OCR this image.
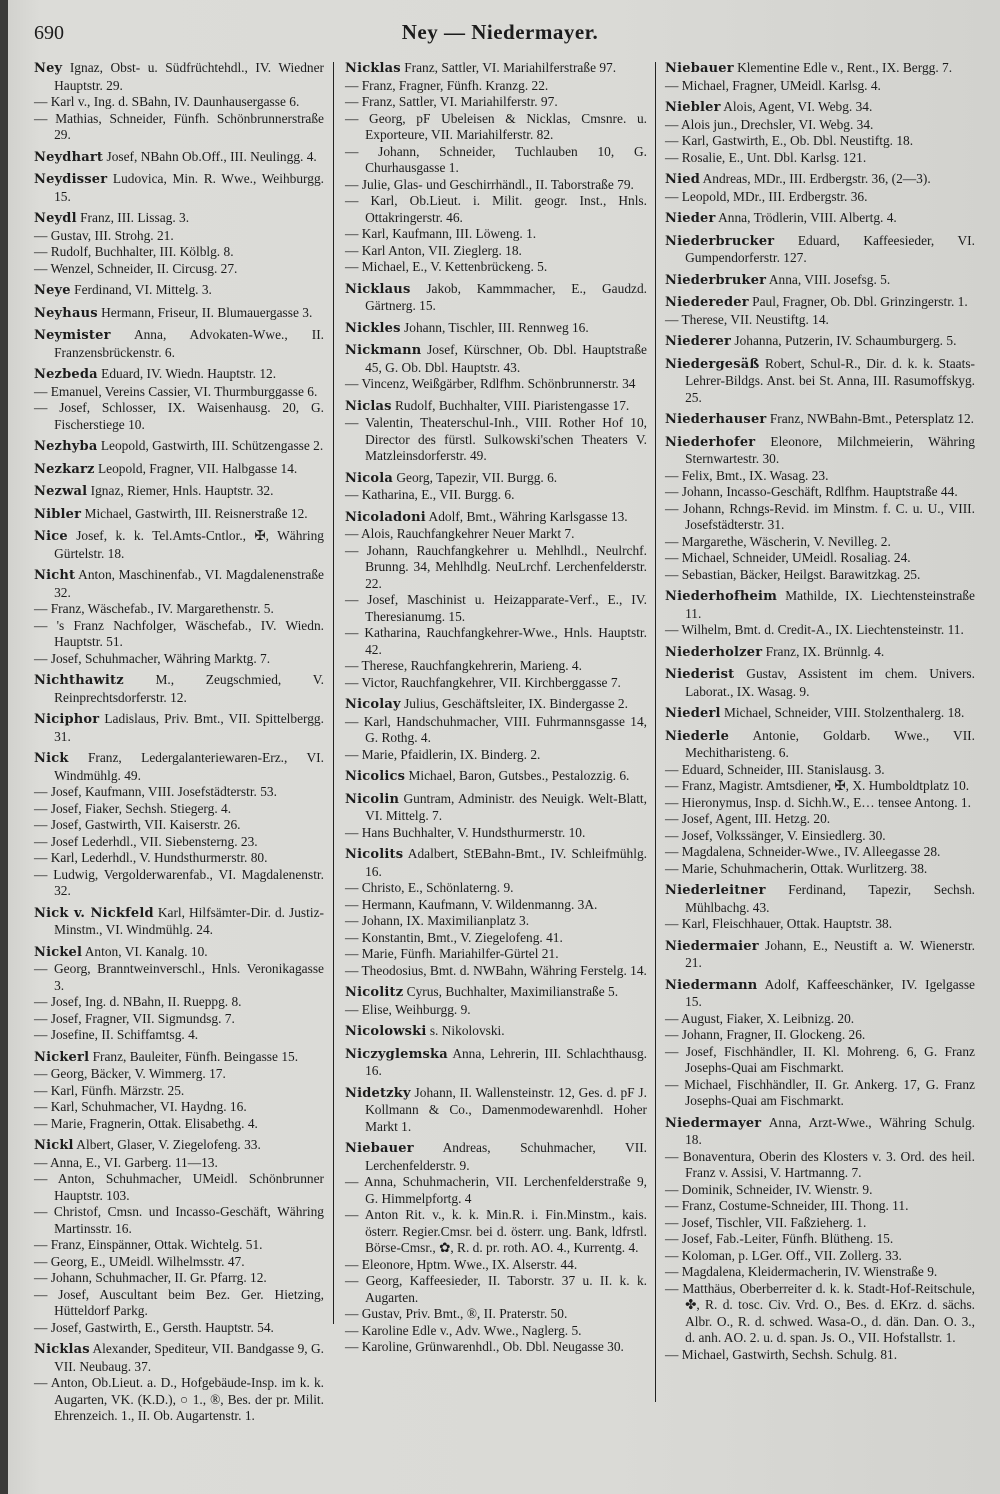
690	Ney — Niedermayer.

Ney Ignaz, Obst- u. Südfrüchtehdl., IV. Wiedner Hauptstr. 29.

— Karl v., Ing. d. SBahn, IV. Daunhausergasse 6.

— Mathias, Schneider, Fünfh. Schönbrunnerstraße 29.

Neydhart Josef, NBahn Ob.Off., III. Neulingg. 4.

Neydisser Ludovica, Min. R. Wwe., Weihburgg. 15.

Neydl Franz, III. Lissag. 3.

— Gustav, III. Strohg. 21.

— Rudolf, Buchhalter, III. Kölblg. 8.

— Wenzel, Schneider, II. Circusg. 27.

Neye Ferdinand, VI. Mittelg. 3.

Neyhaus Hermann, Friseur, II. Blumauergasse 3.

Neymister Anna, Advokaten-Wwe., II. Franzensbrückenstr. 6.

Nezbeda Eduard, IV. Wiedn. Hauptstr. 12.

— Emanuel, Vereins Cassier, VI. Thurmburggasse 6.

— Josef, Schlosser, IX. Waisenhausg. 20, G. Fischerstiege 10.

Nezhyba Leopold, Gastwirth, III. Schützengasse 2.

Nezkarz Leopold, Fragner, VII. Halbgasse 14.

Nezwal Ignaz, Riemer, Hnls. Hauptstr. 32.

Nibler Michael, Gastwirth, III. Reisnerstraße 12.

Nice Josef, k. k. Tel.Amts-Cntlor., ✠, Währing Gürtelstr. 18.

Nicht Anton, Maschinenfab., VI. Magdalenenstraße 32.

— Franz, Wäschefab., IV. Margarethenstr. 5.

— 's Franz Nachfolger, Wäschefab., IV. Wiedn. Hauptstr. 51.

— Josef, Schuhmacher, Währing Marktg. 7.

Nichthawitz M., Zeugschmied, V. Reinprechtsdorferstr. 12.

Niciphor Ladislaus, Priv. Bmt., VII. Spittelbergg. 31.

Nick Franz, Ledergalanteriewaren-Erz., VI. Windmühlg. 49.

— Josef, Kaufmann, VIII. Josefstädterstr. 53.

— Josef, Fiaker, Sechsh. Stiegerg. 4.

— Josef, Gastwirth, VII. Kaiserstr. 26.

— Josef Lederhdl., VII. Siebensterng. 23.

— Karl, Lederhdl., V. Hundsthurmerstr. 80.

— Ludwig, Vergolderwarenfab., VI. Magdalenenstr. 32.

Nick v. Nickfeld Karl, Hilfsämter-Dir. d. Justiz-Minstm., VI. Windmühlg. 24.

Nickel Anton, VI. Kanalg. 10.

— Georg, Branntweinverschl., Hnls. Veronikagasse 3.

— Josef, Ing. d. NBahn, II. Rueppg. 8.

— Josef, Fragner, VII. Sigmundsg. 7.

— Josefine, II. Schiffamtsg. 4.

Nickerl Franz, Bauleiter, Fünfh. Beingasse 15.

— Georg, Bäcker, V. Wimmerg. 17.

— Karl, Fünfh. Märzstr. 25.

— Karl, Schuhmacher, VI. Haydng. 16.

— Marie, Fragnerin, Ottak. Elisabethg. 4.

Nickl Albert, Glaser, V. Ziegelofeng. 33.

— Anna, E., VI. Garberg. 11—13.

— Anton, Schuhmacher, UMeidl. Schönbrunner Hauptstr. 103.

— Christof, Cmsn. und Incasso-Geschäft, Währing Martinsstr. 16.

— Franz, Einspänner, Ottak. Wichtelg. 51.

— Georg, E., UMeidl. Wilhelmsstr. 47.

— Johann, Schuhmacher, II. Gr. Pfarrg. 12.

— Josef, Auscultant beim Bez. Ger. Hietzing, Hütteldorf Parkg.

— Josef, Gastwirth, E., Gersth. Hauptstr. 54.

Nicklas Alexander, Spediteur, VII. Bandgasse 9, G. VII. Neubaug. 37.

— Anton, Ob.Lieut. a. D., Hofgebäude-Insp. im k. k. Augarten, VK. (K.D.), ○ 1., ®, Bes. der pr. Milit. Ehrenzeich. 1., II. Ob. Augartenstr. 1.

Nicklas Franz, Sattler, VI. Mariahilferstraße 97.

— Franz, Fragner, Fünfh. Kranzg. 22.

— Franz, Sattler, VI. Mariahilferstr. 97.

— Georg, pF Ubeleisen & Nicklas, Cmsnre. u. Exporteure, VII. Mariahilferstr. 82.

— Johann, Schneider, Tuchlauben 10, G. Churhausgasse 1.

— Julie, Glas- und Geschirrhändl., II. Taborstraße 79.

— Karl, Ob.Lieut. i. Milit. geogr. Inst., Hnls. Ottakringerstr. 46.

— Karl, Kaufmann, III. Löweng. 1.

— Karl Anton, VII. Zieglerg. 18.

— Michael, E., V. Kettenbrückeng. 5.

Nicklaus Jakob, Kammmacher, E., Gaudzd. Gärtnerg. 15.

Nickles Johann, Tischler, III. Rennweg 16.

Nickmann Josef, Kürschner, Ob. Dbl. Hauptstraße 45, G. Ob. Dbl. Hauptstr. 43.

— Vincenz, Weißgärber, Rdlfhm. Schönbrunnerstr. 34

Niclas Rudolf, Buchhalter, VIII. Piaristengasse 17.

— Valentin, Theaterschul-Inh., VIII. Rother Hof 10, Director des fürstl. Sulkowski'schen Theaters V. Matzleinsdorferstr. 49.

Nicola Georg, Tapezir, VII. Burgg. 6.

— Katharina, E., VII. Burgg. 6.

Nicoladoni Adolf, Bmt., Währing Karlsgasse 13.

— Alois, Rauchfangkehrer Neuer Markt 7.

— Johann, Rauchfangkehrer u. Mehlhdl., Neulrchf. Brunng. 34, Mehlhdlg. NeuLrchf. Lerchenfelderstr. 22.

— Josef, Maschinist u. Heizapparate-Verf., E., IV. Theresianumg. 15.

— Katharina, Rauchfangkehrer-Wwe., Hnls. Hauptstr. 42.

— Therese, Rauchfangkehrerin, Marieng. 4.

— Victor, Rauchfangkehrer, VII. Kirchberggasse 7.

Nicolay Julius, Geschäftsleiter, IX. Bindergasse 2.

— Karl, Handschuhmacher, VIII. Fuhrmannsgasse 14, G. Rothg. 4.

— Marie, Pfaidlerin, IX. Binderg. 2.

Nicolics Michael, Baron, Gutsbes., Pestalozzig. 6.

Nicolin Guntram, Administr. des Neuigk. Welt-Blatt, VI. Mittelg. 7.

— Hans Buchhalter, V. Hundsthurmerstr. 10.

Nicolits Adalbert, StEBahn-Bmt., IV. Schleifmühlg. 16.

— Christo, E., Schönlaterng. 9.

— Hermann, Kaufmann, V. Wildenmanng. 3A.

— Johann, IX. Maximilianplatz 3.

— Konstantin, Bmt., V. Ziegelofeng. 41.

— Marie, Fünfh. Mariahilfer-Gürtel 21.

— Theodosius, Bmt. d. NWBahn, Währing Ferstelg. 14.

Nicolitz Cyrus, Buchhalter, Maximilianstraße 5.

— Elise, Weihburgg. 9.

Nicolowski s. Nikolovski.

Niczyglemska Anna, Lehrerin, III. Schlachthausg. 16.

Nidetzky Johann, II. Wallensteinstr. 12, Ges. d. pF J. Kollmann & Co., Damenmodewarenhdl. Hoher Markt 1.

Niebauer Andreas, Schuhmacher, VII. Lerchenfelderstr. 9.

— Anna, Schuhmacherin, VII. Lerchenfelderstraße 9, G. Himmelpfortg. 4

— Anton Rit. v., k. k. Min.R. i. Fin.Minstm., kais. österr. Regier.Cmsr. bei d. österr. ung. Bank, ldfrstl. Börse-Cmsr., ✿, R. d. pr. roth. AO. 4., Kurrentg. 4.

— Eleonore, Hptm. Wwe., IX. Alserstr. 44.

— Georg, Kaffeesieder, II. Taborstr. 37 u. II. k. k. Augarten.

— Gustav, Priv. Bmt., ®, II. Praterstr. 50.

— Karoline Edle v., Adv. Wwe., Naglerg. 5.

— Karoline, Grünwarenhdl., Ob. Dbl. Neugasse 30.

Niebauer Klementine Edle v., Rent., IX. Bergg. 7.

— Michael, Fragner, UMeidl. Karlsg. 4.

Niebler Alois, Agent, VI. Webg. 34.

— Alois jun., Drechsler, VI. Webg. 34.

— Karl, Gastwirth, E., Ob. Dbl. Neustiftg. 18.

— Rosalie, E., Unt. Dbl. Karlsg. 121.

Nied Andreas, MDr., III. Erdbergstr. 36, (2—3).

— Leopold, MDr., III. Erdbergstr. 36.

Nieder Anna, Trödlerin, VIII. Albertg. 4.

Niederbrucker Eduard, Kaffeesieder, VI. Gumpendorferstr. 127.

Niederbruker Anna, VIII. Josefsg. 5.

Niedereder Paul, Fragner, Ob. Dbl. Grinzingerstr. 1.

— Therese, VII. Neustiftg. 14.

Niederer Johanna, Putzerin, IV. Schaumburgerg. 5.

Niedergesäß Robert, Schul-R., Dir. d. k. k. Staats-Lehrer-Bildgs. Anst. bei St. Anna, III. Rasumoffskyg. 25.

Niederhauser Franz, NWBahn-Bmt., Petersplatz 12.

Niederhofer Eleonore, Milchmeierin, Währing Sternwartestr. 30.

— Felix, Bmt., IX. Wasag. 23.

— Johann, Incasso-Geschäft, Rdlfhm. Hauptstraße 44.

— Johann, Rchngs-Revid. im Minstm. f. C. u. U., VIII. Josefstädterstr. 31.

— Margarethe, Wäscherin, V. Nevilleg. 2.

— Michael, Schneider, UMeidl. Rosaliag. 24.

— Sebastian, Bäcker, Heilgst. Barawitzkag. 25.

Niederhofheim Mathilde, IX. Liechtensteinstraße 11.

— Wilhelm, Bmt. d. Credit-A., IX. Liechtensteinstr. 11.

Niederholzer Franz, IX. Brünnlg. 4.

Niederist Gustav, Assistent im chem. Univers. Laborat., IX. Wasag. 9.

Niederl Michael, Schneider, VIII. Stolzenthalerg. 18.

Niederle Antonie, Goldarb. Wwe., VII. Mechitharisteng. 6.

— Eduard, Schneider, III. Stanislausg. 3.

— Franz, Magistr. Amtsdiener, ✠, X. Humboldtplatz 10.

— Hieronymus, Insp. d. Sichh.W., E… tensee Antong. 1.

— Josef, Agent, III. Hetzg. 20.

— Josef, Volkssänger, V. Einsiedlerg. 30.

— Magdalena, Schneider-Wwe., IV. Alleegasse 28.

— Marie, Schuhmacherin, Ottak. Wurlitzerg. 38.

Niederleitner Ferdinand, Tapezir, Sechsh. Mühlbachg. 43.

— Karl, Fleischhauer, Ottak. Hauptstr. 38.

Niedermaier Johann, E., Neustift a. W. Wienerstr. 21.

Niedermann Adolf, Kaffeeschänker, IV. Igelgasse 15.

— August, Fiaker, X. Leibnizg. 20.

— Johann, Fragner, II. Glockeng. 26.

— Josef, Fischhändler, II. Kl. Mohreng. 6, G. Franz Josephs-Quai am Fischmarkt.

— Michael, Fischhändler, II. Gr. Ankerg. 17, G. Franz Josephs-Quai am Fischmarkt.

Niedermayer Anna, Arzt-Wwe., Währing Schulg. 18.

— Bonaventura, Oberin des Klosters v. 3. Ord. des heil. Franz v. Assisi, V. Hartmanng. 7.

— Dominik, Schneider, IV. Wienstr. 9.

— Franz, Costume-Schneider, III. Thong. 11.

— Josef, Tischler, VII. Faßzieherg. 1.

— Josef, Fab.-Leiter, Fünfh. Blütheng. 15.

— Koloman, p. LGer. Off., VII. Zollerg. 33.

— Magdalena, Kleidermacherin, IV. Wienstraße 9.

— Matthäus, Oberberreiter d. k. k. Stadt-Hof-Reitschule, ✤, R. d. tosc. Civ. Vrd. O., Bes. d. EKrz. d. sächs. Albr. O., R. d. schwed. Wasa-O., d. dän. Dan. O. 3., d. anh. AO. 2. u. d. span. Js. O., VII. Hofstallstr. 1.

— Michael, Gastwirth, Sechsh. Schulg. 81.
